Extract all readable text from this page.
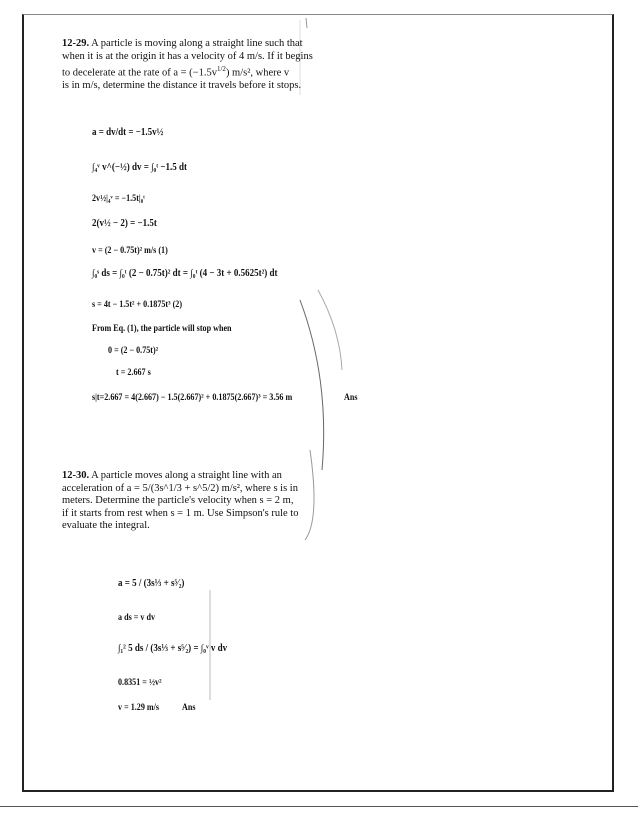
12-29. A particle is moving along a straight line such that
when it is at the origin it has a velocity of 4 m/s. If it begins
to decelerate at the rate of $a = (-1.5v^{1/2})$ m/s², where v
is in m/s, determine the distance it travels before it stops.
a = dv/dt = −1.5v½
∫₄ᵛ v^(−½) dv = ∫₀ᵗ −1.5 dt
2v½|₄ᵛ = −1.5t|₀ᵗ
2(v½ − 2) = −1.5t
v = (2 − 0.75t)² m/s (1)
∫₀ˢ ds = ∫₀ᵗ (2 − 0.75t)² dt = ∫₀ᵗ (4 − 3t + 0.5625t²) dt
s = 4t − 1.5t² + 0.1875t³ (2)
From Eq. (1), the particle will stop when
0 = (2 − 0.75t)²
t = 2.667 s
s|t=2.667 = 4(2.667) − 1.5(2.667)² + 0.1875(2.667)³ = 3.56 m	Ans
12-30. A particle moves along a straight line with an
acceleration of a = 5/(3s^1/3 + s^5/2) m/s², where s is in
meters. Determine the particle's velocity when s = 2 m,
if it starts from rest when s = 1 m. Use Simpson's rule to
evaluate the integral.
a = 5 / (3s⅓ + s⁵⁄₂)
a ds = v dv
∫₁² 5 ds / (3s⅓ + s⁵⁄₂) = ∫₀ᵛ v dv
0.8351 = ½v²
v = 1.29 m/s	Ans
